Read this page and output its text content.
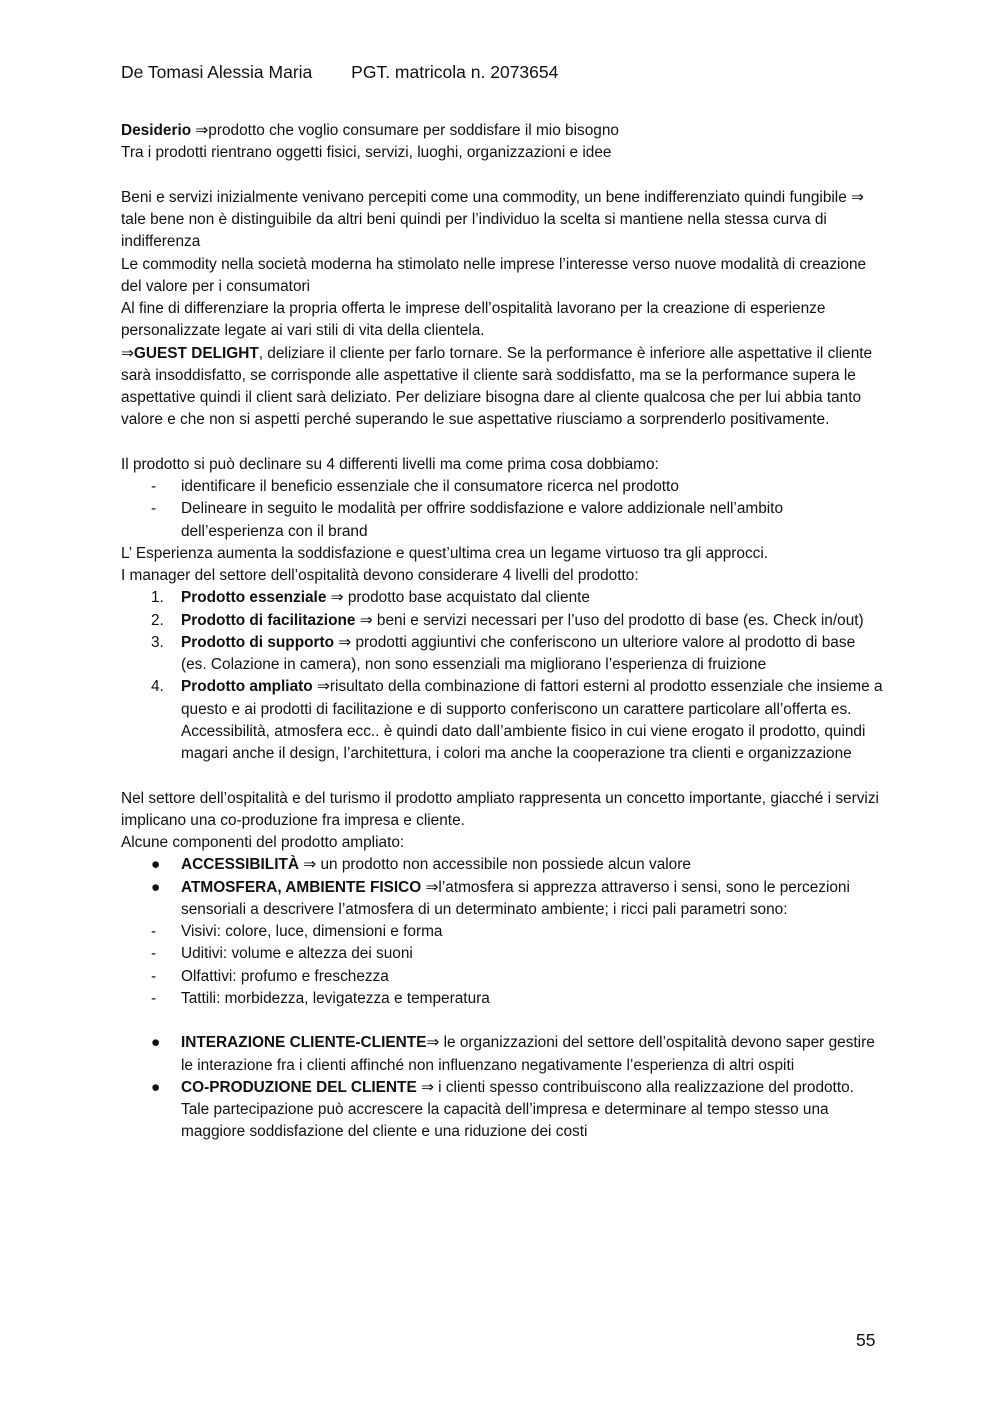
De Tomasi Alessia Maria PGT. matricola n. 2073654

Desiderio ⇒prodotto che voglio consumare per soddisfare il mio bisogno

Tra i prodotti rientrano oggetti fisici, servizi, luoghi, organizzazioni e idee

Beni e servizi inizialmente venivano percepiti come una commodity, un bene indifferenziato quindi fungibile ⇒ tale bene non è distinguibile da altri beni quindi per l’individuo la scelta si mantiene nella stessa curva di indifferenza

Le commodity nella società moderna ha stimolato nelle imprese l’interesse verso nuove modalità di creazione del valore per i consumatori

Al fine di differenziare la propria offerta le imprese dell’ospitalità lavorano per la creazione di esperienze personalizzate legate ai vari stili di vita della clientela.

⇒GUEST DELIGHT, deliziare il cliente per farlo tornare. Se la performance è inferiore alle aspettative il cliente sarà insoddisfatto, se corrisponde alle aspettative il cliente sarà soddisfatto, ma se la performance supera le aspettative quindi il client sarà deliziato. Per deliziare bisogna dare al cliente qualcosa che per lui abbia tanto valore e che non si aspetti perché superando le sue aspettative riusciamo a sorprenderlo positivamente.

Il prodotto si può declinare su 4 differenti livelli ma come prima cosa dobbiamo:

- identificare il beneficio essenziale che il consumatore ricerca nel prodotto
- Delineare in seguito le modalità per offrire soddisfazione e valore addizionale nell’ambito dell’esperienza con il brand

L’ Esperienza aumenta la soddisfazione e quest’ultima crea un legame virtuoso tra gli approcci.

I manager del settore dell’ospitalità devono considerare 4 livelli del prodotto:

1. Prodotto essenziale ⇒ prodotto base acquistato dal cliente
2. Prodotto di facilitazione ⇒ beni e servizi necessari per l’uso del prodotto di base (es. Check in/out)
3. Prodotto di supporto ⇒ prodotti aggiuntivi che conferiscono un ulteriore valore al prodotto di base (es. Colazione in camera), non sono essenziali ma migliorano l’esperienza di fruizione
4. Prodotto ampliato ⇒risultato della combinazione di fattori esterni al prodotto essenziale che insieme a questo e ai prodotti di facilitazione e di supporto conferiscono un carattere particolare all’offerta es. Accessibilità, atmosfera ecc.. è quindi dato dall’ambiente fisico in cui viene erogato il prodotto, quindi magari anche il design, l’architettura, i colori ma anche la cooperazione tra clienti e organizzazione

Nel settore dell’ospitalità e del turismo il prodotto ampliato rappresenta un concetto importante, giacché i servizi implicano una co-produzione fra impresa e cliente.

Alcune componenti del prodotto ampliato:

● ACCESSIBILITÀ ⇒ un prodotto non accessibile non possiede alcun valore
● ATMOSFERA, AMBIENTE FISICO ⇒l’atmosfera si apprezza attraverso i sensi, sono le percezioni sensoriali a descrivere l’atmosfera di un determinato ambiente; i ricci pali parametri sono:
- Visivi: colore, luce, dimensioni e forma
- Uditivi: volume e altezza dei suoni
- Olfattivi: profumo e freschezza
- Tattili: morbidezza, levigatezza e temperatura
● INTERAZIONE CLIENTE-CLIENTE⇒ le organizzazioni del settore dell’ospitalità devono saper gestire le interazione fra i clienti affinché non influenzano negativamente l’esperienza di altri ospiti
● CO-PRODUZIONE DEL CLIENTE ⇒ i clienti spesso contribuiscono alla realizzazione del prodotto. Tale partecipazione può accrescere la capacità dell’impresa e determinare al tempo stesso una maggiore soddisfazione del cliente e una riduzione dei costi
55
